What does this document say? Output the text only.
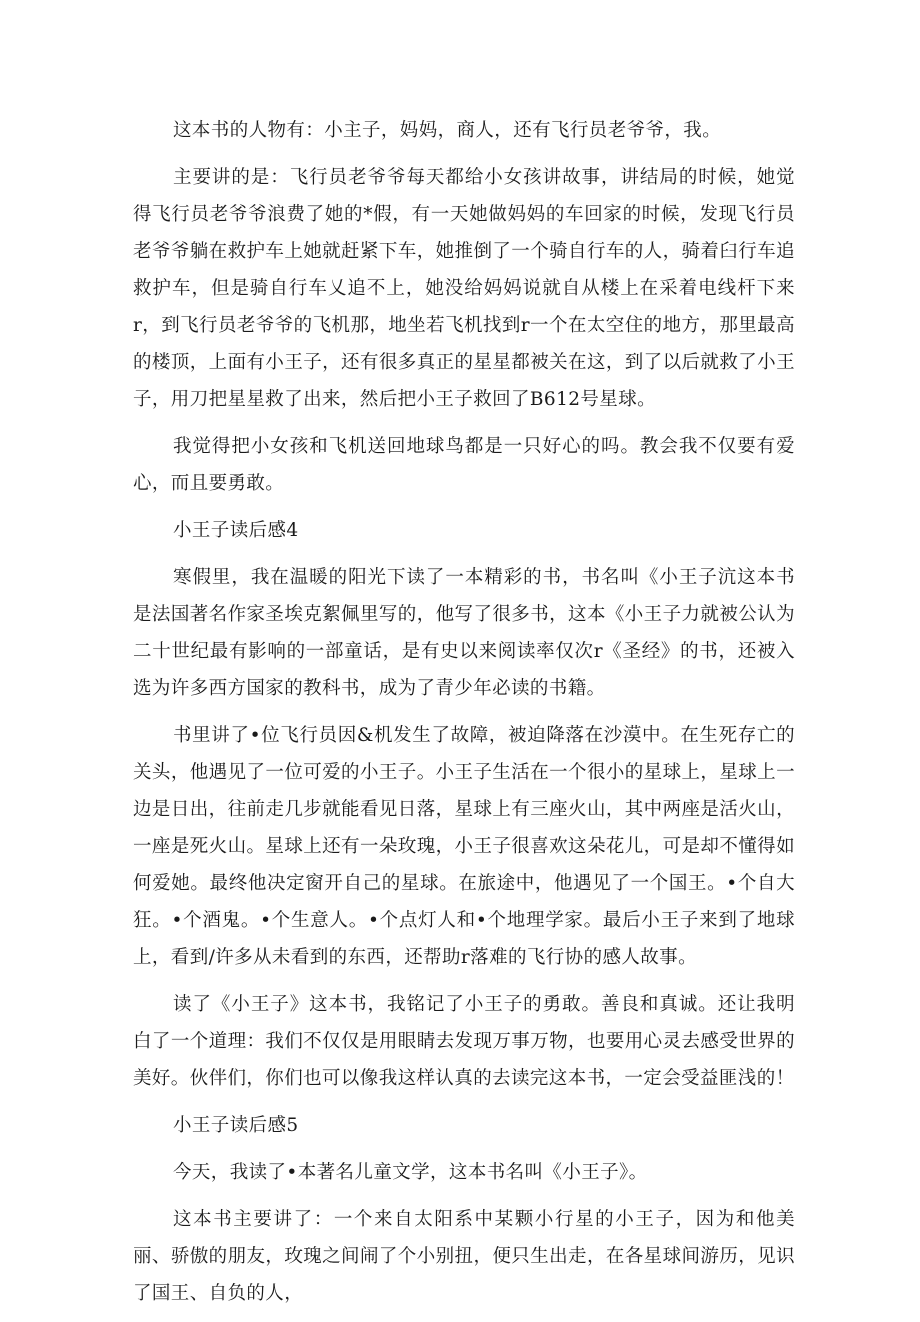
这本书的人物有：小主子，妈妈，商人，还有飞行员老爷爷，我。

主要讲的是：飞行员老爷爷每天都给小女孩讲故事，讲结局的时候，她觉得飞行员老爷爷浪费了她的*假，有一天她做妈妈的车回家的时候，发现飞行员老爷爷躺在救护车上她就赶紧下车，她推倒了一个骑自行车的人，骑着臼行车追救护车，但是骑自行车乂追不上，她没给妈妈说就自从楼上在采着电线杆下来r，到飞行员老爷爷的飞机那，地坐若飞机找到r一个在太空住的地方，那里最高的楼顶，上面有小王子，还有很多真正的星星都被关在这，到了以后就救了小王子，用刀把星星救了出来，然后把小王子救回了B612号星球。

我觉得把小女孩和飞机送回地球鸟都是一只好心的吗。教会我不仅要有爱心，而且要勇敢。

小王子读后感4

寒假里，我在温暖的阳光下读了一本精彩的书，书名叫《小王子沆这本书是法国著名作家圣埃克絮佩里写的，他写了很多书，这本《小王子力就被公认为二十世纪最有影响的一部童话，是有史以来阅读率仅次r《圣经》的书，还被入选为许多西方国家的教科书，成为了青少年必读的书籍。

书里讲了•位飞行员因&机发生了故障，被迫降落在沙漠中。在生死存亡的关头，他遇见了一位可爱的小王子。小王子生活在一个很小的星球上，星球上一边是日出，往前走几步就能看见日落，星球上有三座火山，其中两座是活火山，一座是死火山。星球上还有一朵玫瑰，小王子很喜欢这朵花儿，可是却不懂得如何爱她。最终他决定窗开自己的星球。在旅途中，他遇见了一个国王。•个自大狂。•个酒鬼。•个生意人。•个点灯人和•个地理学家。最后小王子来到了地球上，看到/许多从未看到的东西，还帮助r落难的飞行协的感人故事。

读了《小王子》这本书，我铭记了小王子的勇敢。善良和真诚。还让我明白了一个道理：我们不仅仅是用眼睛去发现万事万物，也要用心灵去感受世界的美好。伙伴们，你们也可以像我这样认真的去读完这本书，一定会受益匪浅的！

小王子读后感5

今天，我读了•本著名儿童文学，这本书名叫《小王子》。

这本书主要讲了：一个来自太阳系中某颗小行星的小王子，因为和他美丽、骄傲的朋友，玫瑰之间闹了个小别扭，便只生出走，在各星球间游历，见识了国王、自负的人，
